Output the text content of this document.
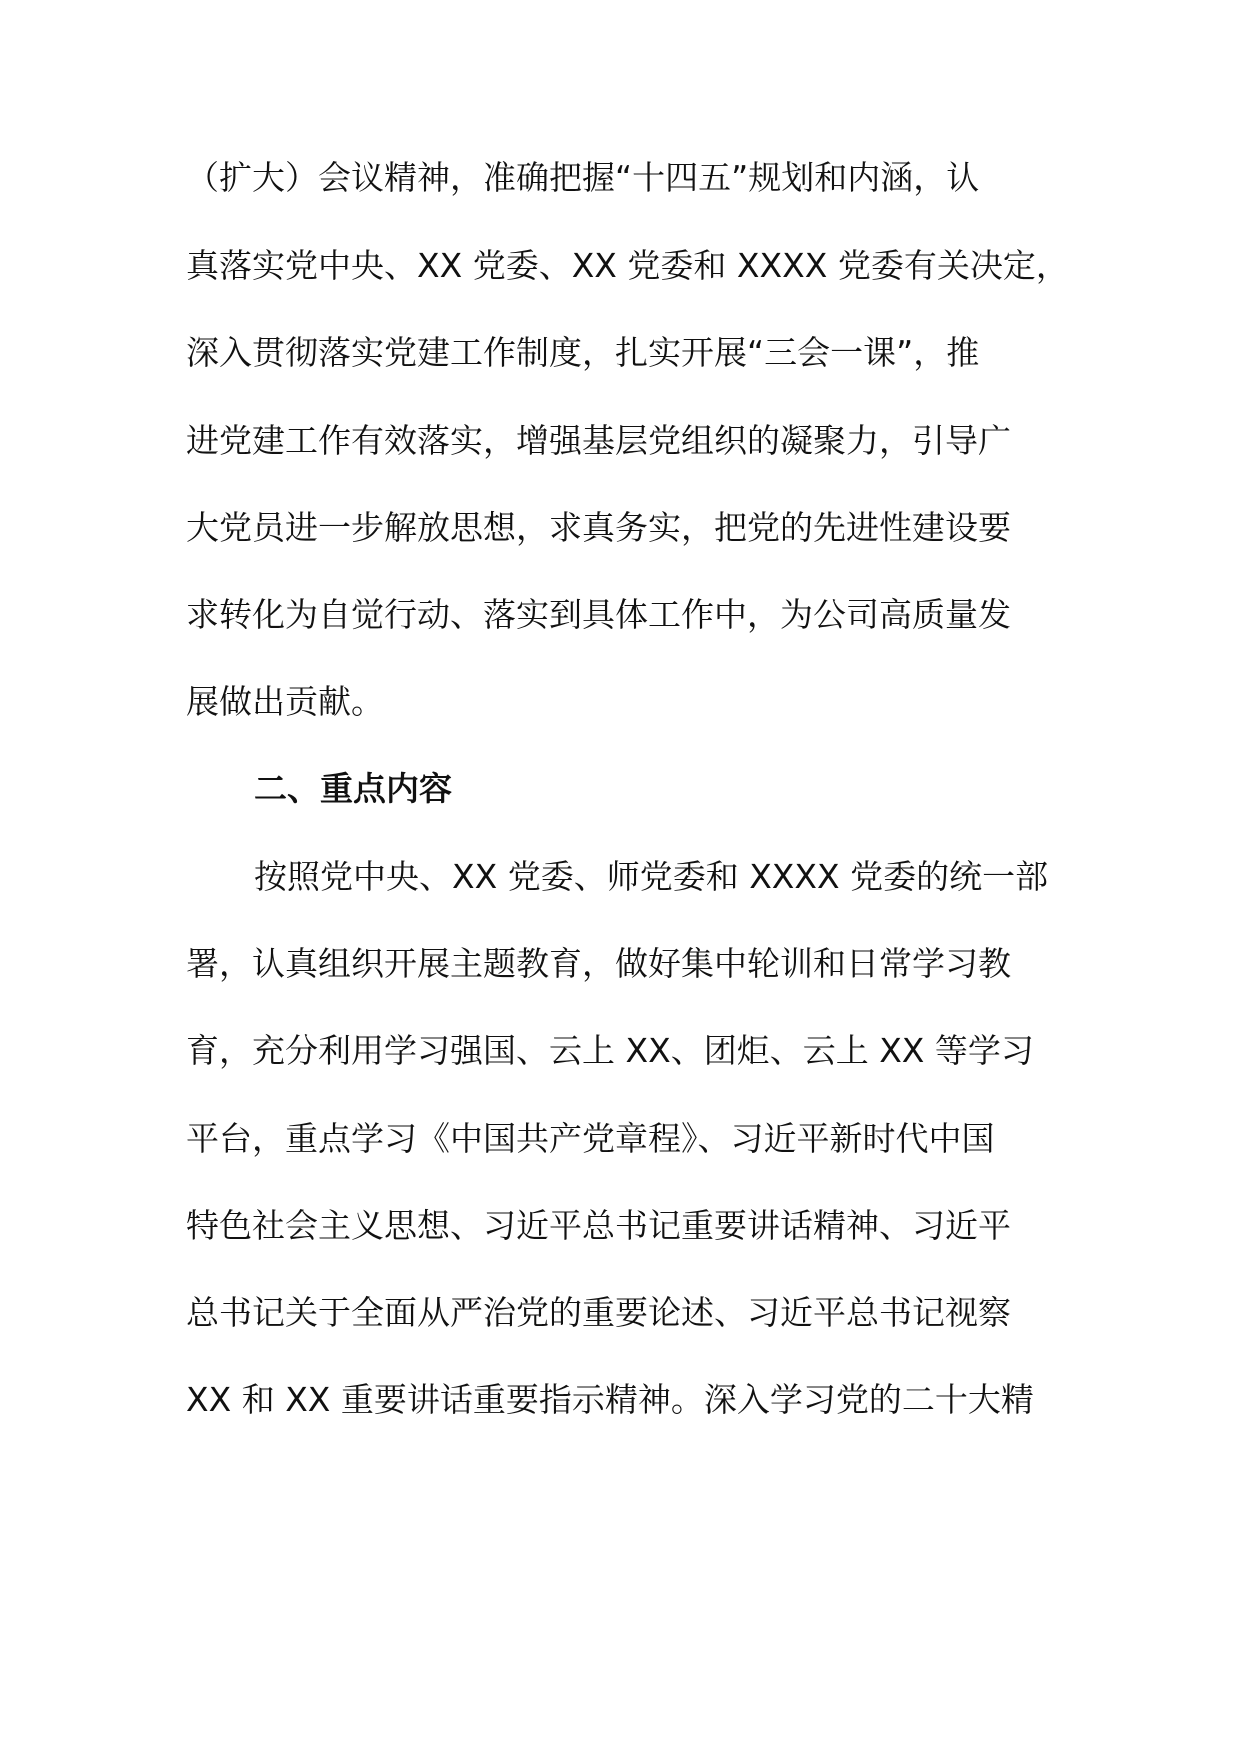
（扩大）会议精神，准确把握“十四五”规划和内涵，认
真落实党中央、XX 党委、XX 党委和 XXXX 党委有关决定，
深入贯彻落实党建工作制度，扎实开展“三会一课”，推
进党建工作有效落实，增强基层党组织的凝聚力，引导广
大党员进一步解放思想，求真务实，把党的先进性建设要
求转化为自觉行动、落实到具体工作中，为公司高质量发
展做出贡献。
二、重点内容
按照党中央、XX 党委、师党委和 XXXX 党委的统一部
署，认真组织开展主题教育，做好集中轮训和日常学习教
育，充分利用学习强国、云上 XX、团炬、云上 XX 等学习
平台，重点学习《中国共产党章程》、习近平新时代中国
特色社会主义思想、习近平总书记重要讲话精神、习近平
总书记关于全面从严治党的重要论述、习近平总书记视察
XX 和 XX 重要讲话重要指示精神。深入学习党的二十大精
